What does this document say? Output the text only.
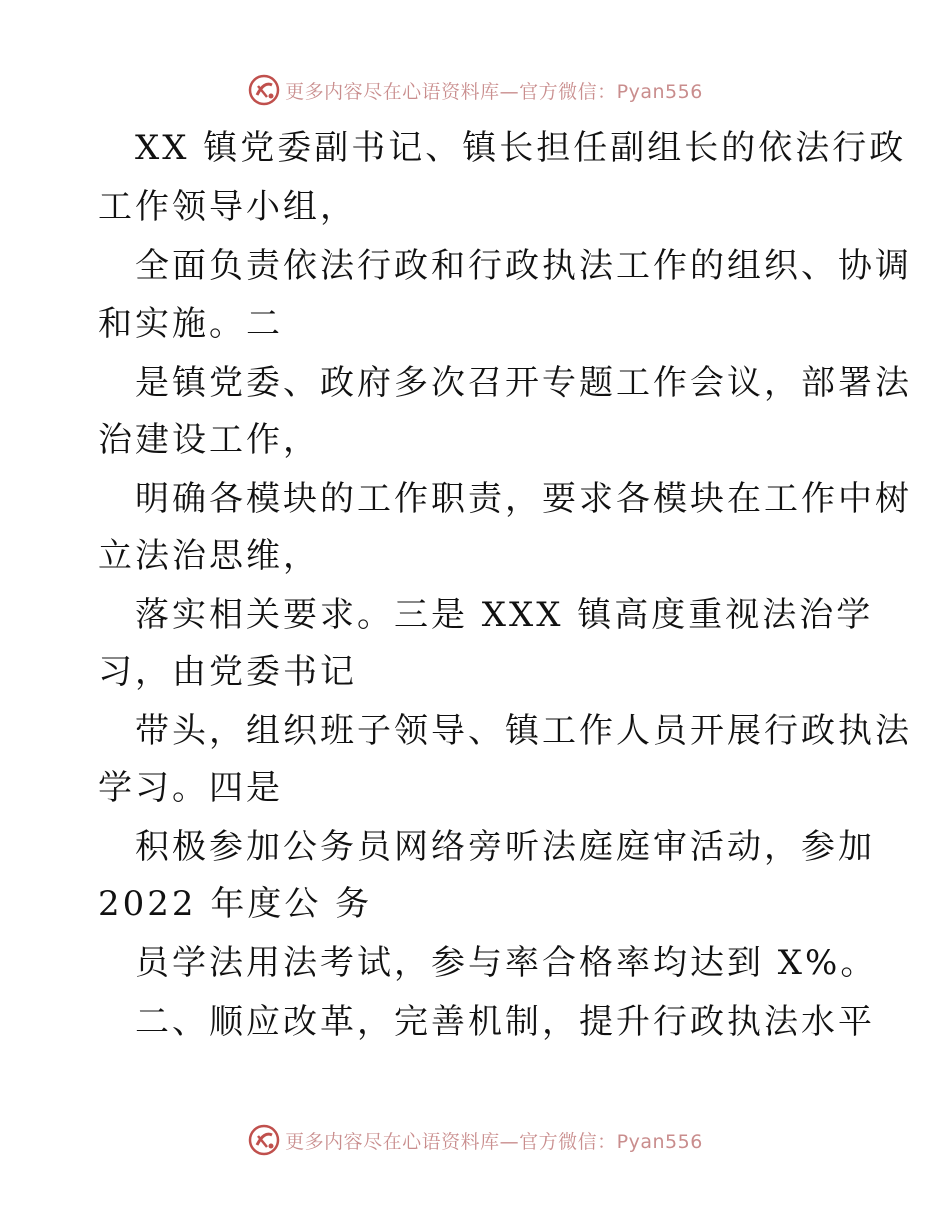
更多内容尽在心语资料库—官方微信：Pyan556
XX 镇党委副书记、镇长担任副组长的依法行政
工作领导小组，
全面负责依法行政和行政执法工作的组织、协调
和实施。二
是镇党委、政府多次召开专题工作会议，部署法
治建设工作，
明确各模块的工作职责，要求各模块在工作中树
立法治思维，
落实相关要求。三是 XXX 镇高度重视法治学
习，由党委书记
带头，组织班子领导、镇工作人员开展行政执法
学习。四是
积极参加公务员网络旁听法庭庭审活动，参加
2022 年度公 务
员学法用法考试，参与率合格率均达到 X%。
二、顺应改革，完善机制，提升行政执法水平
更多内容尽在心语资料库—官方微信：Pyan556
